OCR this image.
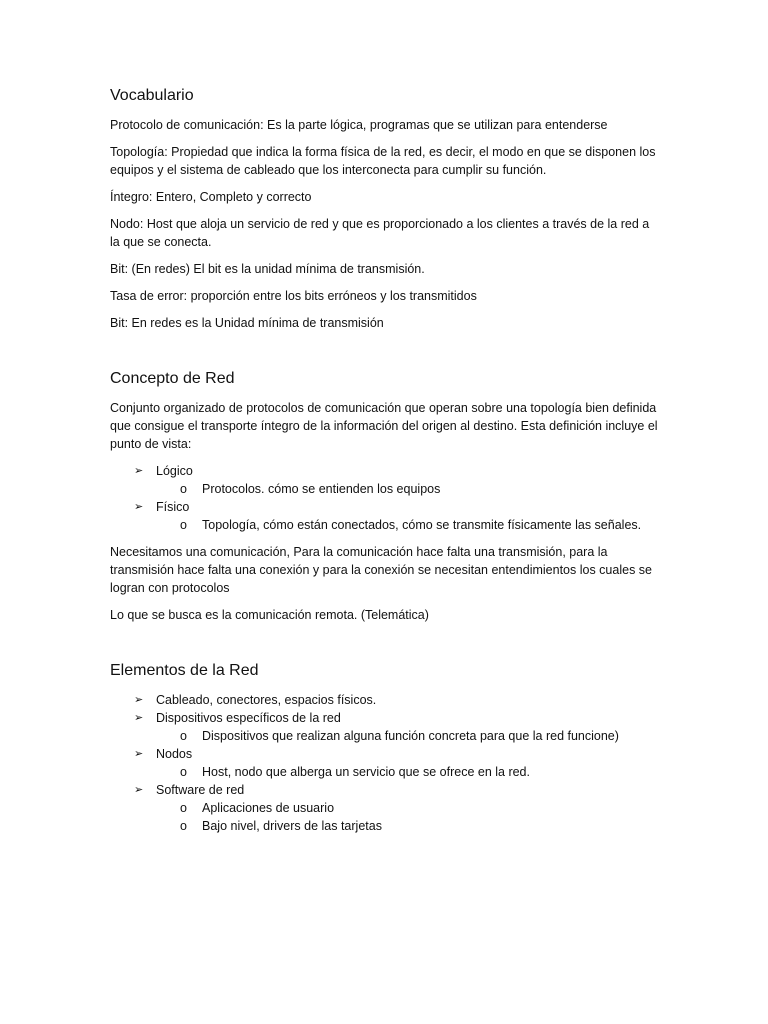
Vocabulario

Protocolo de comunicación: Es la parte lógica, programas que se utilizan para entenderse

Topología: Propiedad que indica la forma física de la red, es decir, el modo en que se disponen los equipos y el sistema de cableado que los interconecta para cumplir su función.

Íntegro: Entero, Completo y correcto

Nodo: Host que aloja un servicio de red y que es proporcionado a los clientes a través de la red a la que se conecta.

Bit: (En redes) El bit es la unidad mínima de transmisión.

Tasa de error: proporción entre los bits erróneos y los transmitidos

Bit: En redes es la Unidad mínima de transmisión

Concepto de Red

Conjunto organizado de protocolos de comunicación que operan sobre una topología bien definida que consigue el transporte íntegro de la información del origen al destino. Esta definición incluye el punto de vista:

➢ Lógico
o Protocolos. cómo se entienden los equipos
➢ Físico
o Topología, cómo están conectados, cómo se transmite físicamente las señales.

Necesitamos una comunicación, Para la comunicación hace falta una transmisión, para la transmisión hace falta una conexión y para la conexión se necesitan entendimientos los cuales se logran con protocolos

Lo que se busca es la comunicación remota. (Telemática)

Elementos de la Red
➢ Cableado, conectores, espacios físicos.
➢ Dispositivos específicos de la red
o Dispositivos que realizan alguna función concreta para que la red funcione)
➢ Nodos
o Host, nodo que alberga un servicio que se ofrece en la red.
➢ Software de red
o Aplicaciones de usuario
o Bajo nivel, drivers de las tarjetas
